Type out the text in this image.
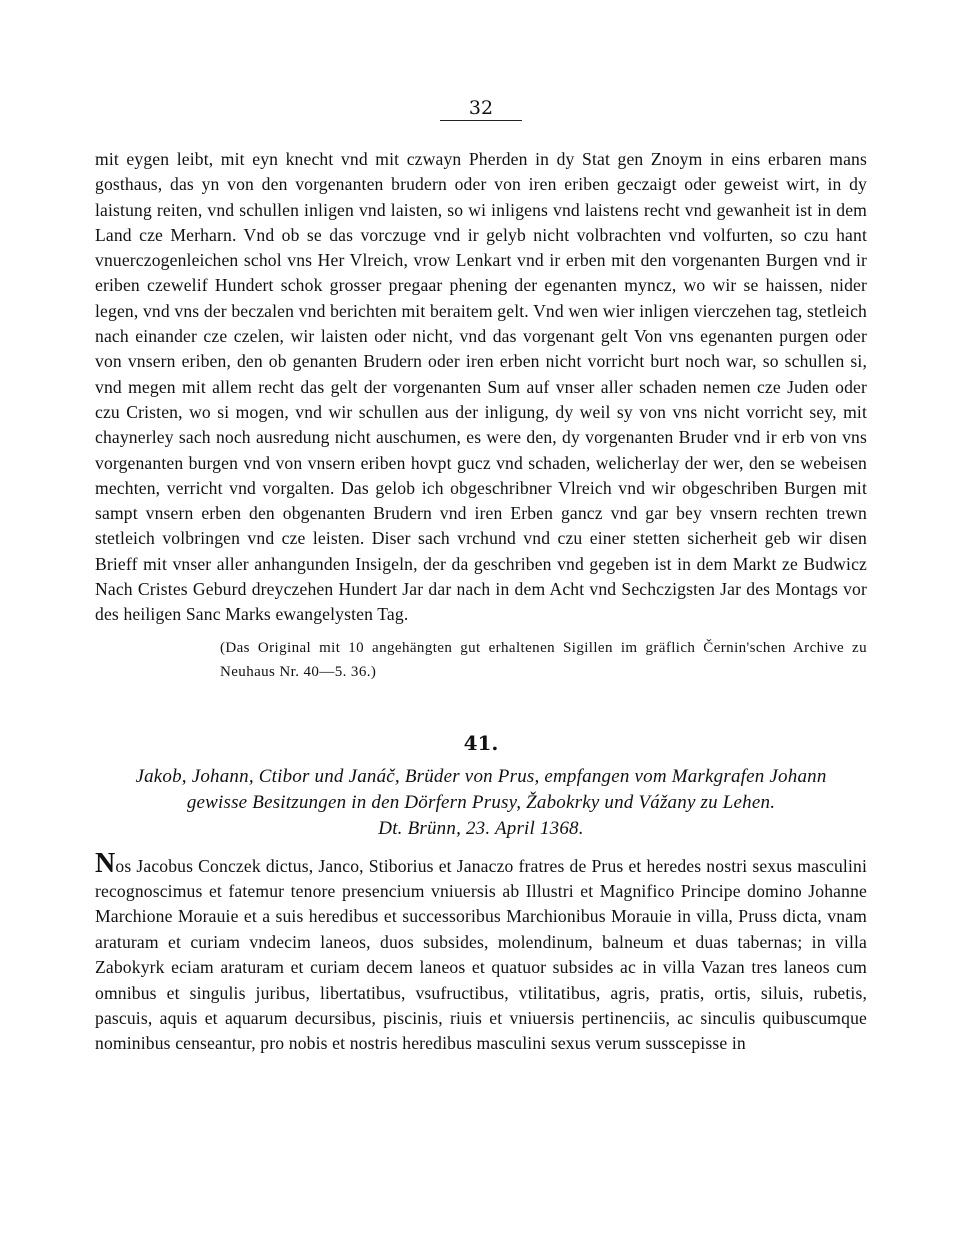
32

mit eygen leibt, mit eyn knecht vnd mit czwayn Pherden in dy Stat gen Znoym in eins erbaren mans gosthaus, das yn von den vorgenanten brudern oder von iren eriben geczaigt oder geweist wirt, in dy laistung reiten, vnd schullen inligen vnd laisten, so wi inligens vnd laistens recht vnd gewanheit ist in dem Land cze Merharn. Vnd ob se das vorczuge vnd ir gelyb nicht volbrachten vnd volfurten, so czu hant vnuerczogenleichen schol vns Her Vlreich, vrow Lenkart vnd ir erben mit den vorgenanten Burgen vnd ir eriben czewelif Hundert schok grosser pregaar phening der egenanten myncz, wo wir se haissen, nider legen, vnd vns der beczalen vnd berichten mit beraitem gelt. Vnd wen wier inligen vierczehen tag, stetleich nach einander cze czelen, wir laisten oder nicht, vnd das vorgenant gelt Von vns egenanten purgen oder von vnsern eriben, den ob genanten Brudern oder iren erben nicht vorricht burt noch war, so schullen si, vnd megen mit allem recht das gelt der vorgenanten Sum auf vnser aller schaden nemen cze Juden oder czu Cristen, wo si mogen, vnd wir schullen aus der inligung, dy weil sy von vns nicht vorricht sey, mit chaynerley sach noch ausredung nicht auschumen, es were den, dy vorgenanten Bruder vnd ir erb von vns vorgenanten burgen vnd von vnsern eriben hovpt gucz vnd schaden, welicherlay der wer, den se webeisen mechten, verricht vnd vorgalten. Das gelob ich obgeschribner Vlreich vnd wir obgeschriben Burgen mit sampt vnsern erben den obgenanten Brudern vnd iren Erben gancz vnd gar bey vnsern rechten trewn stetleich volbringen vnd cze leisten. Diser sach vrchund vnd czu einer stetten sicherheit geb wir disen Brieff mit vnser aller anhangunden Insigeln, der da geschriben vnd gegeben ist in dem Markt ze Budwicz Nach Cristes Geburd dreyczehen Hundert Jar dar nach in dem Acht vnd Sechczigsten Jar des Montags vor des heiligen Sanc Marks ewangelysten Tag.

(Das Original mit 10 angehängten gut erhaltenen Sigillen im gräflich Černin'schen Archive zu Neuhaus Nr. 40—5. 36.)
41.
Jakob, Johann, Ctibor und Janáč, Brüder von Prus, empfangen vom Markgrafen Johann
gewisse Besitzungen in den Dörfern Prusy, Žabokrky und Vážany zu Lehen.
Dt. Brünn, 23. April 1368.
Nos Jacobus Conczek dictus, Janco, Stiborius et Janaczo fratres de Prus et heredes nostri sexus masculini recognoscimus et fatemur tenore presencium vniuersis ab Illustri et Magnifico Principe domino Johanne Marchione Morauie et a suis heredibus et successoribus Marchionibus Morauie in villa, Pruss dicta, vnam araturam et curiam vndecim laneos, duos subsides, molendinum, balneum et duas tabernas; in villa Zabokyrk eciam araturam et curiam decem laneos et quatuor subsides ac in villa Vazan tres laneos cum omnibus et singulis juribus, libertatibus, vsufructibus, vtilitatibus, agris, pratis, ortis, siluis, rubetis, pascuis, aquis et aquarum decursibus, piscinis, riuis et vniuersis pertinenciis, ac sinculis quibuscumque nominibus censeantur, pro nobis et nostris heredibus masculini sexus verum susscepisse in
